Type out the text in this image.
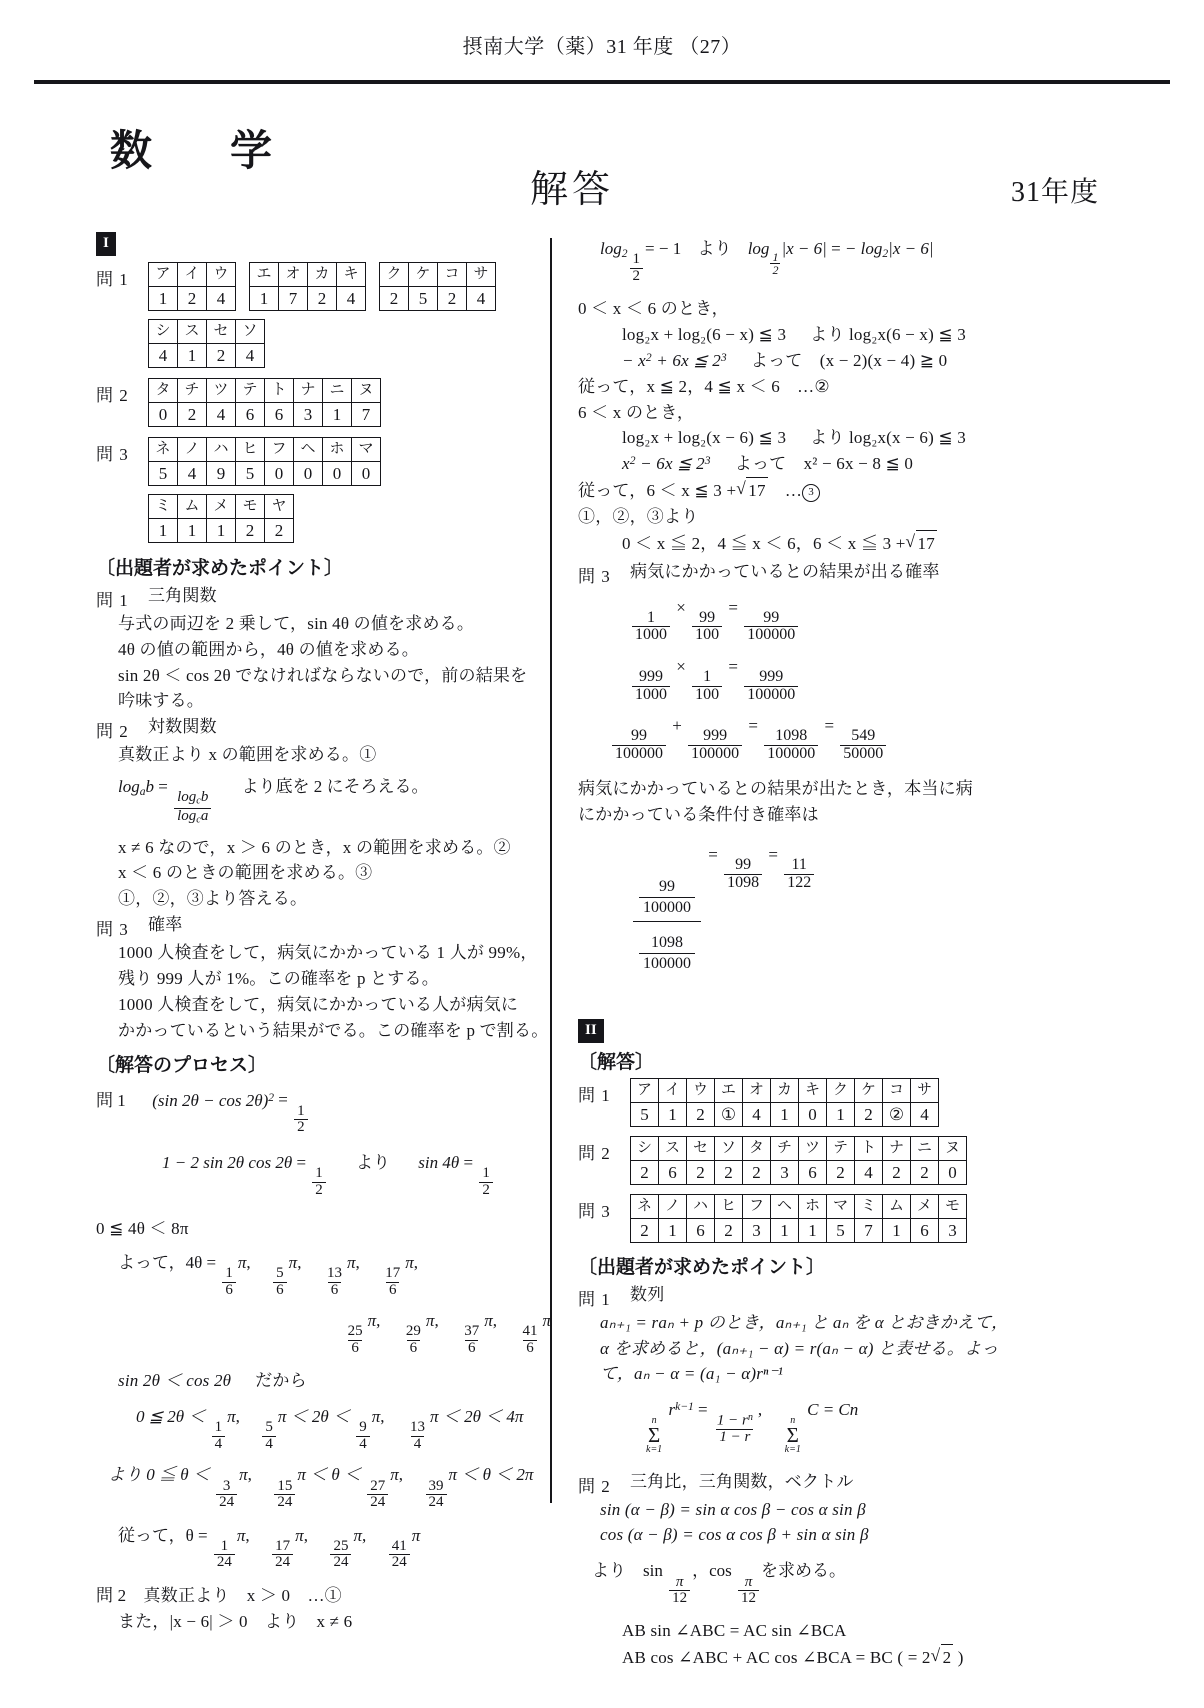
摂南大学（薬）31 年度 （27）
数　学
解答	31年度
I
問 1	ア	イ	ウ
1	2	4
エ	オ	カ	キ
1	7	2	4
ク	ケ	コ	サ
2	5	2	4
シ	ス	セ	ソ
4	1	2	4
問 2	タ	チ	ツ	テ	ト	ナ	ニ	ヌ
0	2	4	6	6	3	1	7
問 3	ネ	ノ	ハ	ヒ	フ	ヘ	ホ	マ
5	4	9	5	0	0	0	0
ミ	ム	メ	モ	ヤ
1	1	1	2	2
〔出題者が求めたポイント〕
問 1	三角関数
与式の両辺を 2 乗して，sin 4θ の値を求める。
4θ の値の範囲から，4θ の値を求める。
sin 2θ ＜ cos 2θ でなければならないので，前の結果を
吟味する。
問 2	対数関数
真数正より x の範囲を求める。①
$\log_ab$ =
$\frac{\log_cb}{\log_ca}$
より底を 2 にそろえる。
x ≠ 6 なので，x ＞ 6 のとき，x の範囲を求める。②
x ＜ 6 のときの範囲を求める。③
①，②，③より答える。
問 3	確率
1000 人検査をして，病気にかかっている 1 人が 99%，
残り 999 人が 1%。この確率を p とする。
1000 人検査をして，病気にかかっている人が病気に
かかっているという結果がでる。この確率を p で割る。
〔解答のプロセス〕
問 1 (sin 2θ − cos 2θ)$^2$ =
$\frac{1}{2}$
1 − 2 sin 2θ cos 2θ =
$\frac{1}{2}$
より sin 4θ =
$\frac{1}{2}$
0 ≦ 4θ ＜ 8π
よって，4θ =
$\frac{1}{6}$
π,
$\frac{5}{6}$
π,
$\frac{13}{6}$
π,
$\frac{17}{6}$
π,
$\frac{25}{6}$
π,
$\frac{29}{6}$
π,
$\frac{37}{6}$
π,
$\frac{41}{6}$
π
sin 2θ ＜ cos 2θ だから
0 ≦ 2θ ＜
$\frac{1}{4}$
π,
$\frac{5}{4}$
π ＜ 2θ ＜
$\frac{9}{4}$
π,
$\frac{13}{4}$
π ＜ 2θ ＜ 4π
より 0 ≦ θ ＜
$\frac{3}{24}$
π,
$\frac{15}{24}$
π ＜ θ ＜
$\frac{27}{24}$
π,
$\frac{39}{24}$
π ＜ θ ＜ 2π
従って，θ =
$\frac{1}{24}$
π,
$\frac{17}{24}$
π,
$\frac{25}{24}$
π,
$\frac{41}{24}$
π
問 2　真数正より　x ＞ 0　…①
また，|x − 6| ＞ 0　より　x ≠ 6
$\log_2 \frac{1}{2}$
= − 1 より log
$\frac{1}{2}$
|x − 6| = − $\log_2|x - 6|$
0 ＜ x ＜ 6 のとき，
log₂x + log₂(6 − x) ≦ 3 より log₂x(6 − x) ≦ 3
− $x^2 + 6x$ ≦ $2^3$ よって　(x − 2)(x − 4) ≧ 0
従って，x ≦ 2，4 ≦ x ＜ 6　…②
6 ＜ x のとき，
log₂x + log₂(x − 6) ≦ 3 より log₂x(x − 6) ≦ 3
$x^2 - 6x$ ≦ $2^3$ よって　x² − 6x − 8 ≦ 0
従って，6 ＜ x ≦ 3 + √ 17　… 3
①，②，③より
0 ＜ x ≦ 2，4 ≦ x ＜ 6，6 ＜ x ≦ 3 + √ 17
問 3	病気にかかっているとの結果が出る確率
$\frac{1}{1000}$
×
$\frac{99}{100}$
=
$\frac{99}{100000}$
$\frac{999}{1000}$
×
$\frac{1}{100}$
=
$\frac{999}{100000}$
$\frac{99}{100000}$
+
$\frac{999}{100000}$
=
$\frac{1098}{100000}$
=
$\frac{549}{50000}$
病気にかかっているとの結果が出たとき，本当に病
にかかっている条件付き確率は
$\frac{\frac{99}{100000}}{\frac{1098}{100000}}$
=
$\frac{99}{1098}$
=
$\frac{11}{122}$
II
〔解答〕
問 1	ア	イ	ウ	エ	オ	カ	キ	ク	ケ	コ	サ
5	1	2	①	4	1	0	1	2	②	4
問 2	シ	ス	セ	ソ	タ	チ	ツ	テ	ト	ナ	ニ	ヌ
2	6	2	2	2	3	6	2	4	2	2	0
問 3	ネ	ノ	ハ	ヒ	フ	ヘ	ホ	マ	ミ	ム	メ	モ
2	1	6	2	3	1	1	5	7	1	6	3
〔出題者が求めたポイント〕
問 1	数列
aₙ₊₁ = raₙ + p のとき，aₙ₊₁ と aₙ を α とおきかえて，
α を求めると，(aₙ₊₁ − α) = r(aₙ − α) と表せる。よっ
て，aₙ − α = (a₁ − α)rⁿ⁻¹
n
Σ
k=1
$r^{k-1}$ =
$\frac{1 - r^n}{1 - r}$
,
n
Σ
k=1
C = Cn
問 2	三角比，三角関数，ベクトル
sin (α − β) = sin α cos β − cos α sin β
cos (α − β) = cos α cos β + sin α sin β
より　sin
$\frac{\pi}{12}$
，cos
$\frac{\pi}{12}$
を求める。
AB sin ∠ABC = AC sin ∠BCA
AB cos ∠ABC + AC cos ∠BCA = BC ( = 2 √ 2 )
